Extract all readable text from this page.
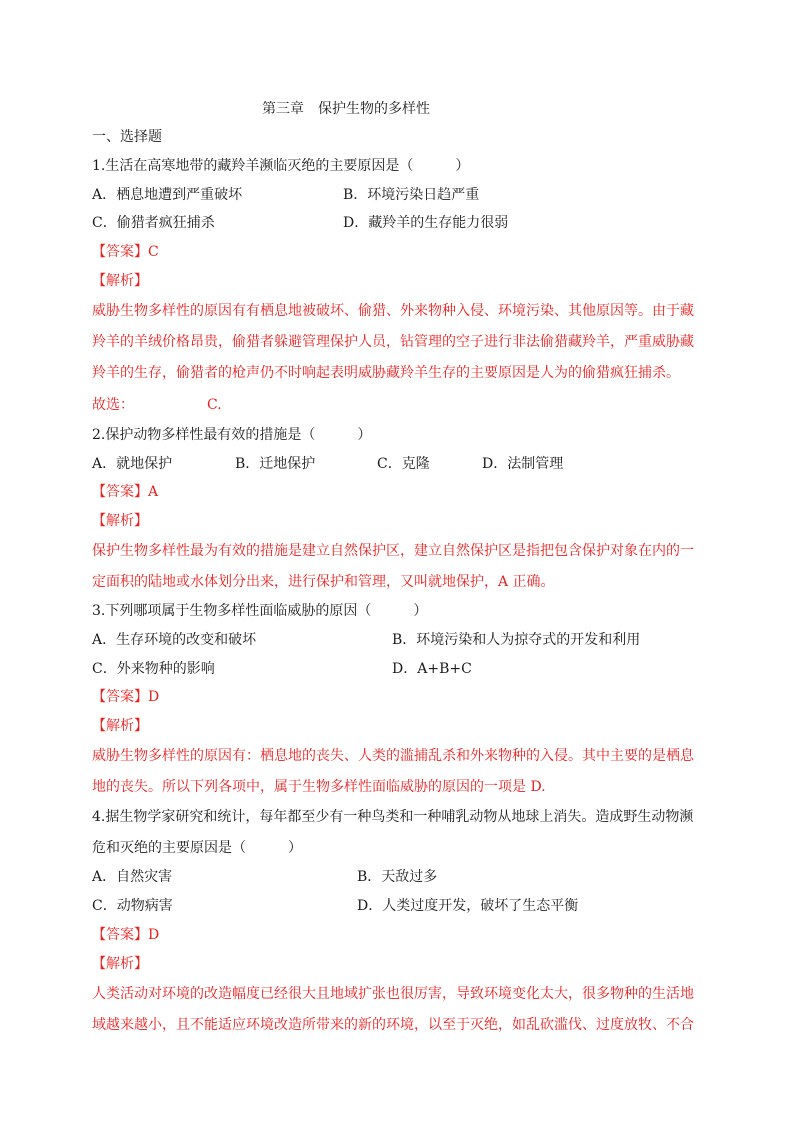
第三章　保护生物的多样性
一、选择题
1.生活在高寒地带的藏羚羊濒临灭绝的主要原因是（　　　）
A．栖息地遭到严重破坏	B．环境污染日趋严重
C．偷猎者疯狂捕杀	D．藏羚羊的生存能力很弱
【答案】C
【解析】
威胁生物多样性的原因有有栖息地被破坏、偷猎、外来物种入侵、环境污染、其他原因等。由于藏
羚羊的羊绒价格昂贵，偷猎者躲避管理保护人员，钻管理的空子进行非法偷猎藏羚羊，严重威胁藏
羚羊的生存，偷猎者的枪声仍不时响起表明威胁藏羚羊生存的主要原因是人为的偷猎疯狂捕杀。
故选：	C.
2.保护动物多样性最有效的措施是（　　　）
A．就地保护	B．迁地保护	C．克隆	D．法制管理
【答案】A
【解析】
保护生物多样性最为有效的措施是建立自然保护区，建立自然保护区是指把包含保护对象在内的一
定面积的陆地或水体划分出来，进行保护和管理，又叫就地保护，A 正确。
3.下列哪项属于生物多样性面临威胁的原因（　　　）
A．生存环境的改变和破坏	B．环境污染和人为掠夺式的开发和利用
C．外来物种的影响	D．A+B+C
【答案】D
【解析】
威胁生物多样性的原因有：栖息地的丧失、人类的滥捕乱杀和外来物种的入侵。其中主要的是栖息
地的丧失。所以下列各项中，属于生物多样性面临威胁的原因的一项是 D.
4.据生物学家研究和统计，每年都至少有一种鸟类和一种哺乳动物从地球上消失。造成野生动物濒
危和灭绝的主要原因是（　　　）
A．自然灾害	B．天敌过多
C．动物病害	D．人类过度开发，破坏了生态平衡
【答案】D
【解析】
人类活动对环境的改造幅度已经很大且地域扩张也很厉害，导致环境变化太大，很多物种的生活地
域越来越小，且不能适应环境改造所带来的新的环境，以至于灭绝，如乱砍滥伐、过度放牧、不合
